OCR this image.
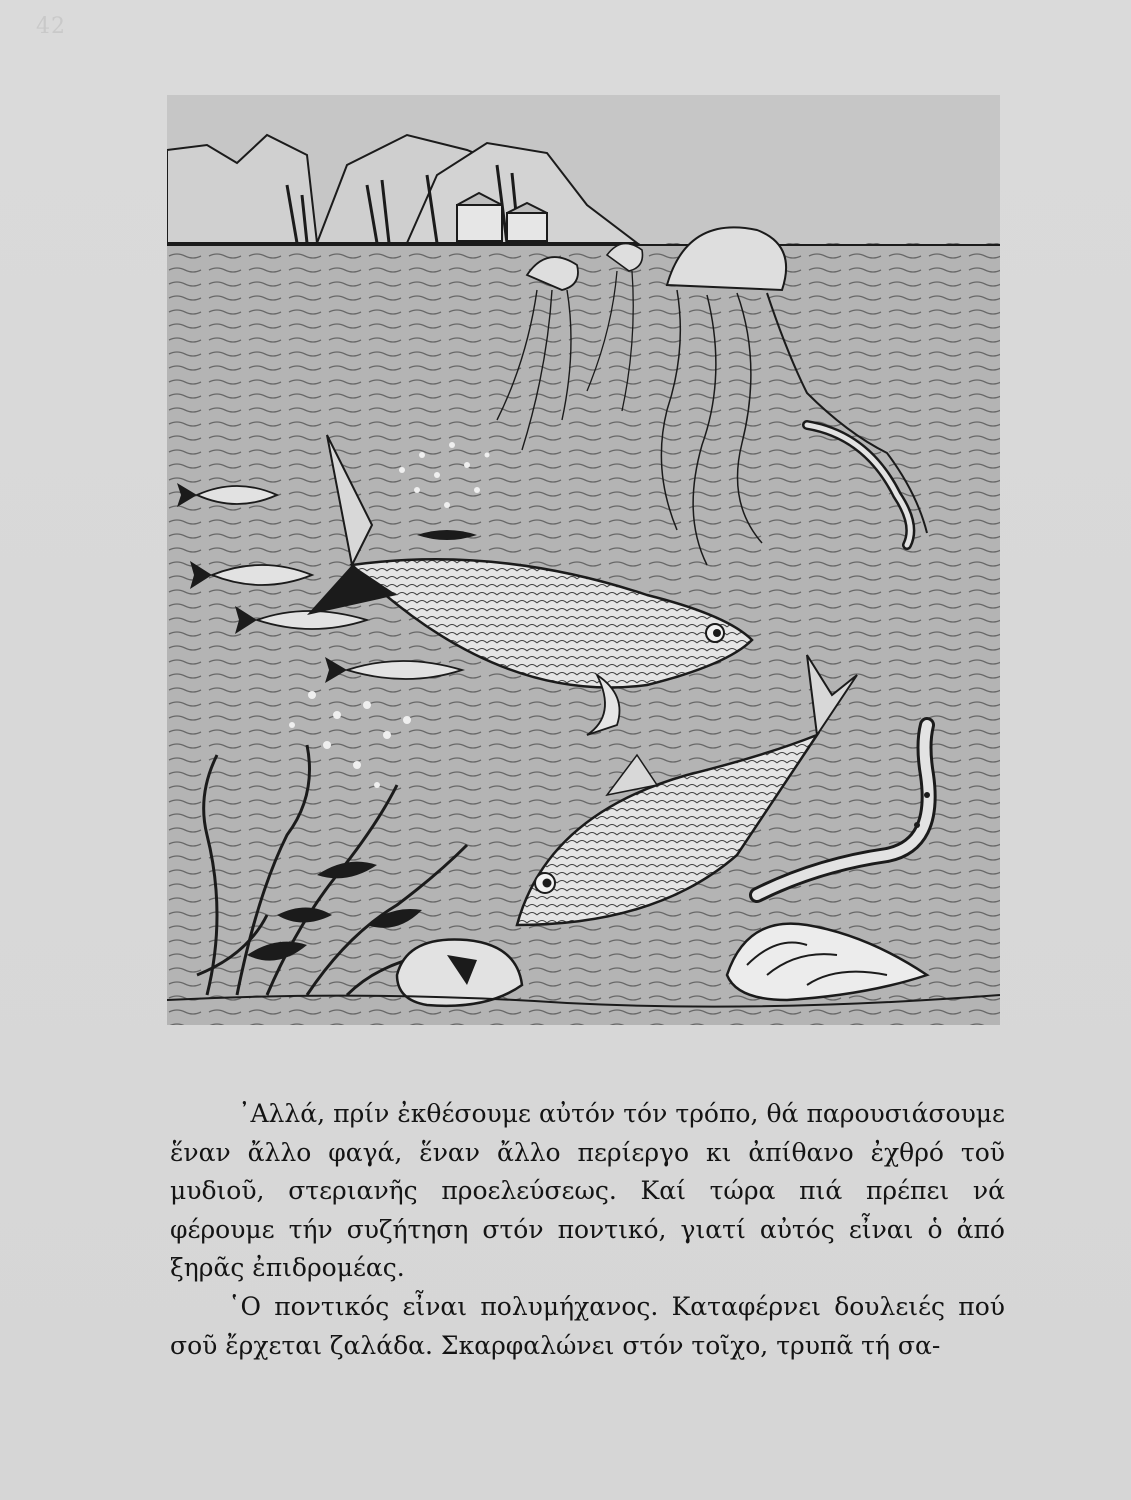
42

᾽Αλλά, πρίν ἐκθέσουμε αὐτόν τόν τρόπο, θά παρουσιάσουμε ἕναν ἄλλο φαγά, ἕναν ἄλλο περίεργο κι ἀπίθανο ἐχθρό τοῦ μυδιοῦ, στεριανῆς προελεύσεως. Καί τώρα πιά πρέπει νά φέρουμε τήν συζήτηση στόν ποντικό, γιατί αὐτός εἶναι ὁ ἀπό ξηρᾶς ἐπιδρομέας.

῾Ο ποντικός εἶναι πολυμήχανος. Καταφέρνει δουλειές πού σοῦ ἔρχεται ζαλάδα. Σκαρφαλώνει στόν τοῖχο, τρυπᾶ τή σα-
